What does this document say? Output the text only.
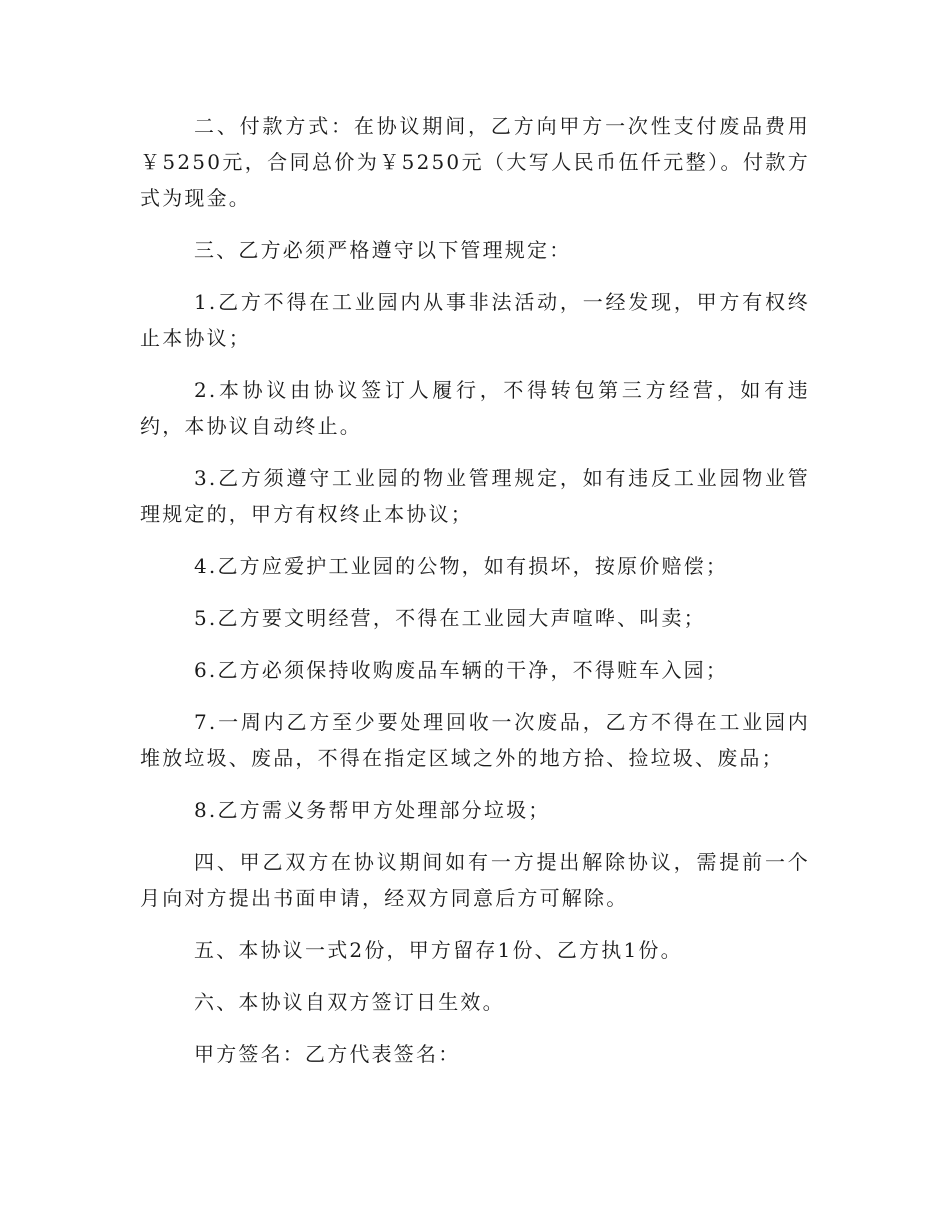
二、付款方式：在协议期间，乙方向甲方一次性支付废品费用￥5250元，合同总价为￥5250元（大写人民币伍仟元整）。付款方式为现金。

三、乙方必须严格遵守以下管理规定：

1.乙方不得在工业园内从事非法活动，一经发现，甲方有权终止本协议；

2.本协议由协议签订人履行，不得转包第三方经营，如有违约，本协议自动终止。

3.乙方须遵守工业园的物业管理规定，如有违反工业园物业管理规定的，甲方有权终止本协议；

4.乙方应爱护工业园的公物，如有损坏，按原价赔偿；

5.乙方要文明经营，不得在工业园大声喧哗、叫卖；

6.乙方必须保持收购废品车辆的干净，不得赃车入园；

7.一周内乙方至少要处理回收一次废品，乙方不得在工业园内堆放垃圾、废品，不得在指定区域之外的地方拾、捡垃圾、废品；

8.乙方需义务帮甲方处理部分垃圾；

四、甲乙双方在协议期间如有一方提出解除协议，需提前一个月向对方提出书面申请，经双方同意后方可解除。

五、本协议一式2份，甲方留存1份、乙方执1份。

六、本协议自双方签订日生效。

甲方签名：乙方代表签名：
